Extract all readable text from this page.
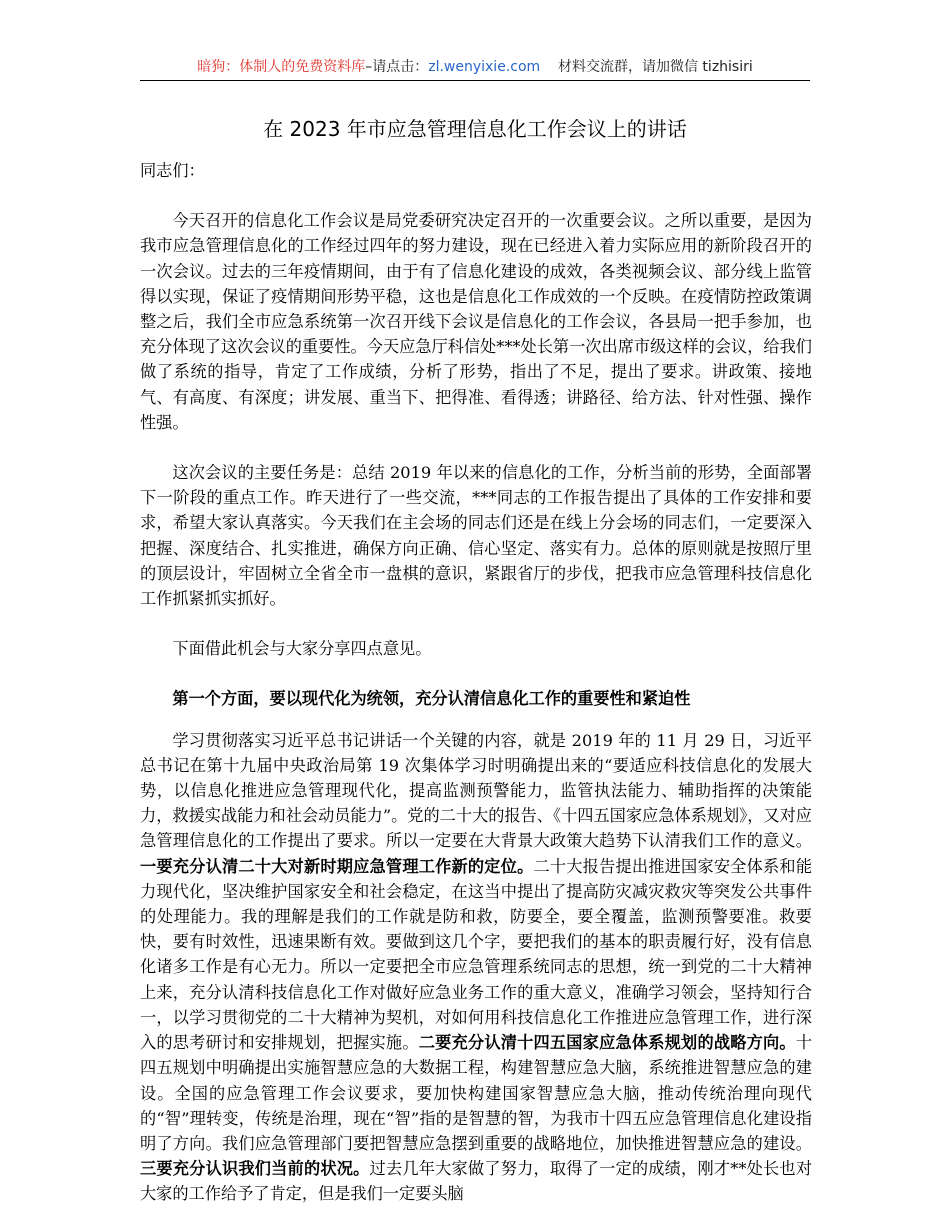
暗狗：体制人的免费资料库–请点击：zl.wenyixie.com 材料交流群，请加微信 tizhisiri
在 2023 年市应急管理信息化工作会议上的讲话

同志们：

今天召开的信息化工作会议是局党委研究决定召开的一次重要会议。之所以重要，是因为我市应急管理信息化的工作经过四年的努力建设，现在已经进入着力实际应用的新阶段召开的一次会议。过去的三年疫情期间，由于有了信息化建设的成效，各类视频会议、部分线上监管得以实现，保证了疫情期间形势平稳，这也是信息化工作成效的一个反映。在疫情防控政策调整之后，我们全市应急系统第一次召开线下会议是信息化的工作会议，各县局一把手参加，也充分体现了这次会议的重要性。今天应急厅科信处***处长第一次出席市级这样的会议，给我们做了系统的指导，肯定了工作成绩，分析了形势，指出了不足，提出了要求。讲政策、接地气、有高度、有深度；讲发展、重当下、把得准、看得透；讲路径、给方法、针对性强、操作性强。

这次会议的主要任务是：总结 2019 年以来的信息化的工作，分析当前的形势，全面部署下一阶段的重点工作。昨天进行了一些交流，***同志的工作报告提出了具体的工作安排和要求，希望大家认真落实。今天我们在主会场的同志们还是在线上分会场的同志们，一定要深入把握、深度结合、扎实推进，确保方向正确、信心坚定、落实有力。总体的原则就是按照厅里的顶层设计，牢固树立全省全市一盘棋的意识，紧跟省厅的步伐，把我市应急管理科技信息化工作抓紧抓实抓好。

下面借此机会与大家分享四点意见。

第一个方面，要以现代化为统领，充分认清信息化工作的重要性和紧迫性

学习贯彻落实习近平总书记讲话一个关键的内容，就是 2019 年的 11 月 29 日，习近平总书记在第十九届中央政治局第 19 次集体学习时明确提出来的“要适应科技信息化的发展大势，以信息化推进应急管理现代化，提高监测预警能力，监管执法能力、辅助指挥的决策能力，救援实战能力和社会动员能力”。党的二十大的报告、《十四五国家应急体系规划》，又对应急管理信息化的工作提出了要求。所以一定要在大背景大政策大趋势下认清我们工作的意义。一要充分认清二十大对新时期应急管理工作新的定位。二十大报告提出推进国家安全体系和能力现代化，坚决维护国家安全和社会稳定，在这当中提出了提高防灾减灾救灾等突发公共事件的处理能力。我的理解是我们的工作就是防和救，防要全，要全覆盖，监测预警要准。救要快，要有时效性，迅速果断有效。要做到这几个字，要把我们的基本的职责履行好，没有信息化诸多工作是有心无力。所以一定要把全市应急管理系统同志的思想，统一到党的二十大精神上来，充分认清科技信息化工作对做好应急业务工作的重大意义，准确学习领会，坚持知行合一，以学习贯彻党的二十大精神为契机，对如何用科技信息化工作推进应急管理工作，进行深入的思考研讨和安排规划，把握实施。二要充分认清十四五国家应急体系规划的战略方向。十四五规划中明确提出实施智慧应急的大数据工程，构建智慧应急大脑，系统推进智慧应急的建设。全国的应急管理工作会议要求，要加快构建国家智慧应急大脑，推动传统治理向现代的“智”理转变，传统是治理，现在“智”指的是智慧的智，为我市十四五应急管理信息化建设指明了方向。我们应急管理部门要把智慧应急摆到重要的战略地位，加快推进智慧应急的建设。三要充分认识我们当前的状况。过去几年大家做了努力，取得了一定的成绩，刚才**处长也对大家的工作给予了肯定，但是我们一定要头脑
